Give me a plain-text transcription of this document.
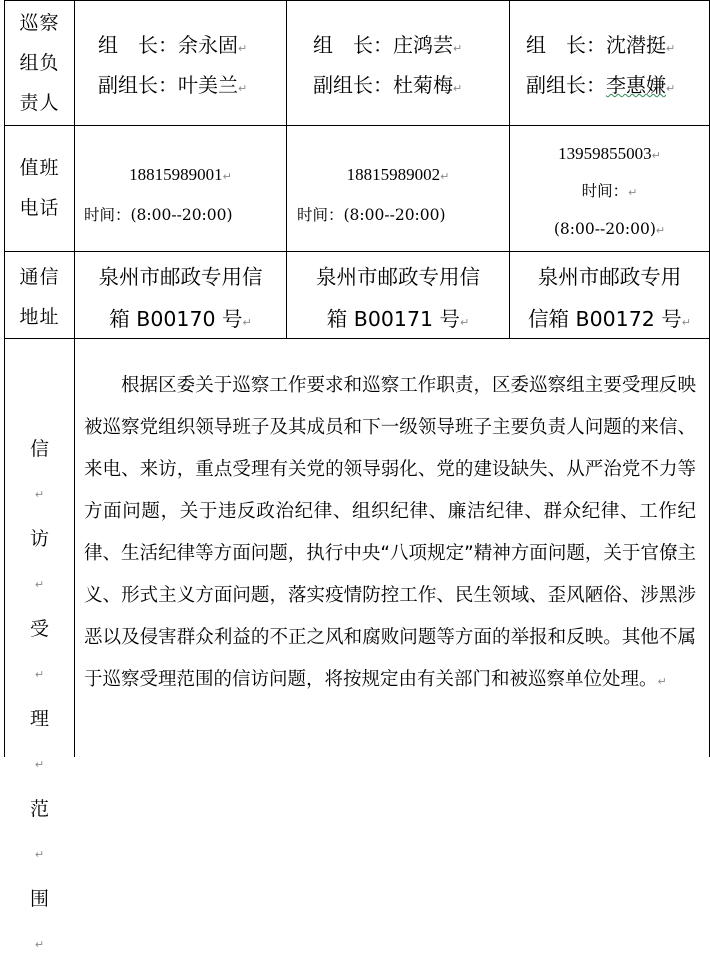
巡察
组负
责人
组　长：余永固↵
副组长：叶美兰↵
组　长：庄鸿芸↵
副组长：杜菊梅↵
组　长：沈潜挺↵
副组长：李惠嫌↵
值班
电话
18815989001↵
时间：(8:00--20:00)
18815989002↵
时间：(8:00--20:00)
13959855003↵
时间：↵
(8:00--20:00)↵
通信
地址
泉州市邮政专用信
箱 B00170 号↵
泉州市邮政专用信
箱 B00171 号↵
泉州市邮政专用
信箱 B00172 号↵
信
↵
访
↵
受
↵
理
↵
范
↵
围
↵
根据区委关于巡察工作要求和巡察工作职责，区委巡察组主要受理反映被巡察党组织领导班子及其成员和下一级领导班子主要负责人问题的来信、来电、来访，重点受理有关党的领导弱化、党的建设缺失、从严治党不力等方面问题，关于违反政治纪律、组织纪律、廉洁纪律、群众纪律、工作纪律、生活纪律等方面问题，执行中央“八项规定”精神方面问题，关于官僚主义、形式主义方面问题，落实疫情防控工作、民生领域、歪风陋俗、涉黑涉恶以及侵害群众利益的不正之风和腐败问题等方面的举报和反映。其他不属于巡察受理范围的信访问题，将按规定由有关部门和被巡察单位处理。↵
